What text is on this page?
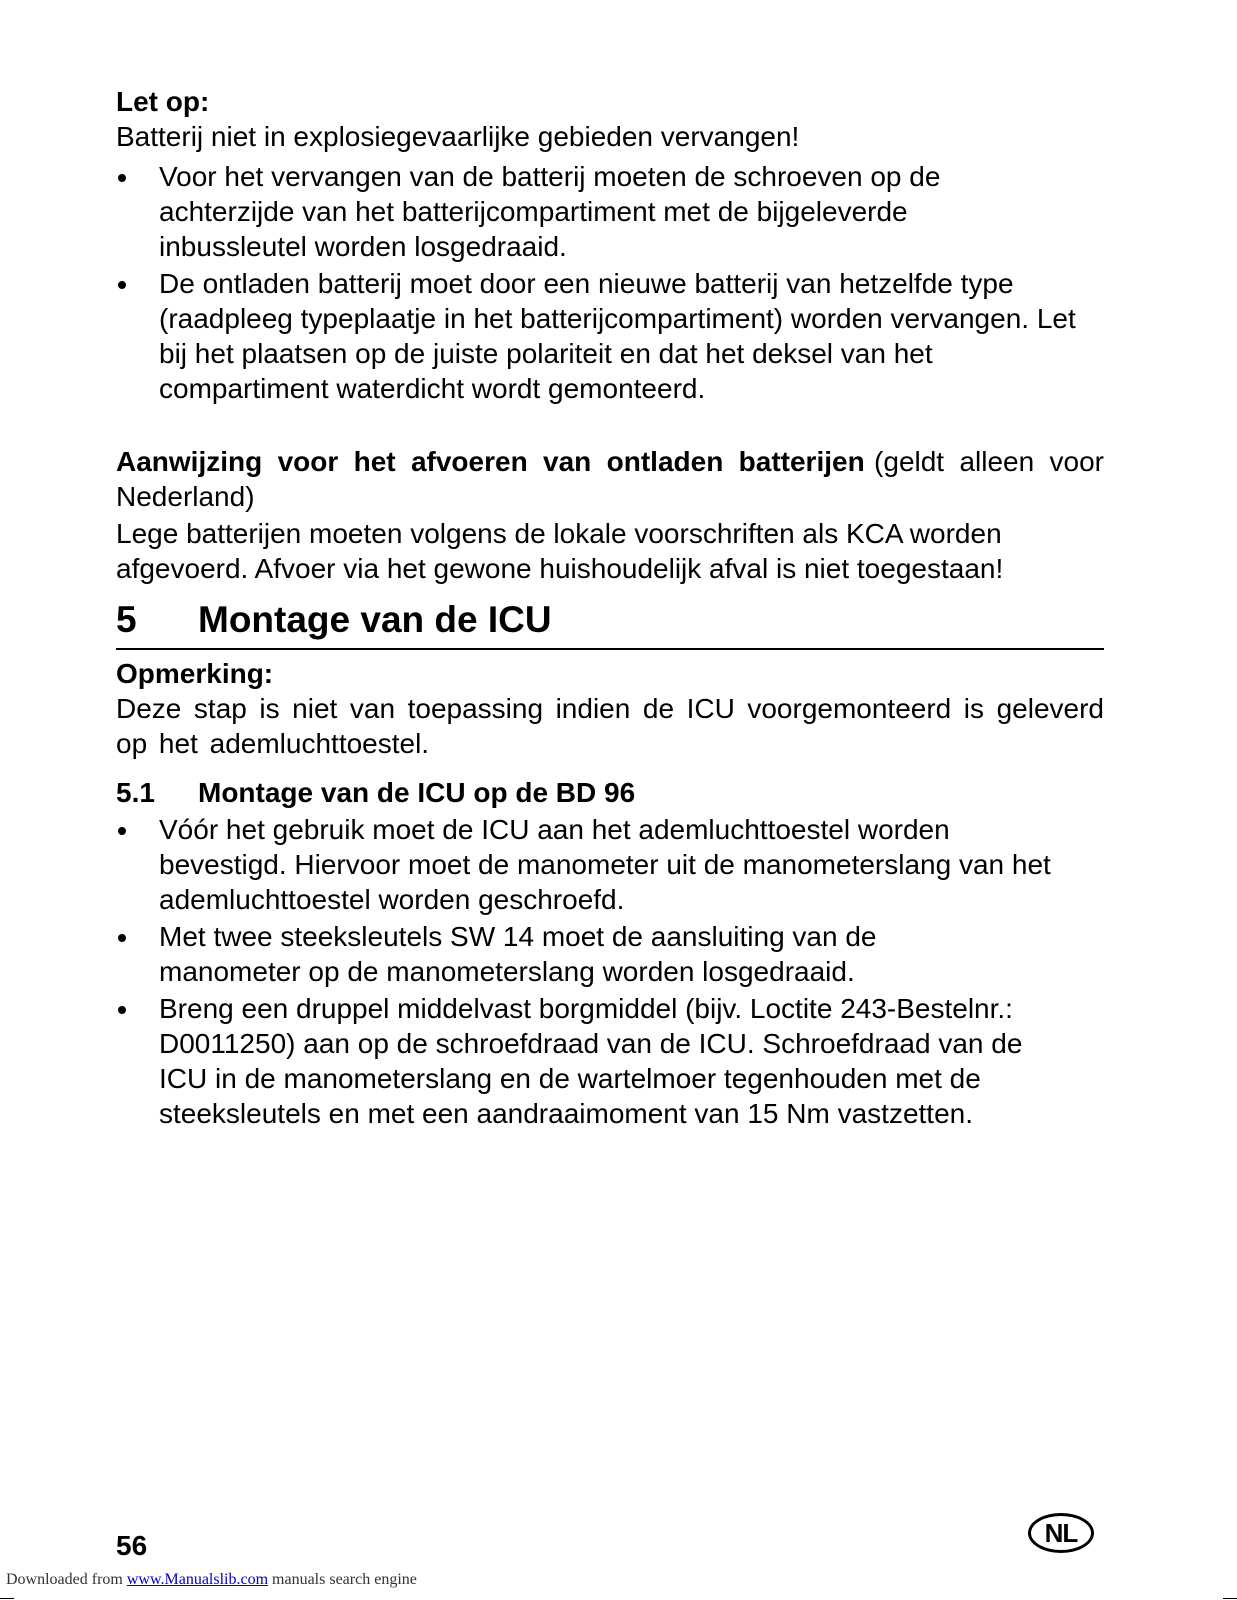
Let op:

Batterij niet in explosiegevaarlijke gebieden vervangen!

Voor het vervangen van de batterij moeten de schroeven op de achterzijde van het batterijcompartiment met de bijgeleverde inbussleutel worden losgedraaid.
De ontladen batterij moet door een nieuwe batterij van hetzelfde type (raadpleeg typeplaatje in het batterijcompartiment) worden vervangen. Let bij het plaatsen op de juiste polariteit en dat het deksel van het compartiment waterdicht wordt gemonteerd.

Aanwijzing voor het afvoeren van ontladen batterijen (geldt alleen voor Nederland)

Lege batterijen moeten volgens de lokale voorschriften als KCA worden afgevoerd. Afvoer via het gewone huishoudelijk afval is niet toegestaan!

5	Montage van de ICU

Opmerking:

Deze stap is niet van toepassing indien de ICU voorgemonteerd is geleverd op het ademluchttoestel.

5.1	Montage van de ICU op de BD 96
Vóór het gebruik moet de ICU aan het ademluchttoestel worden bevestigd. Hiervoor moet de manometer uit de manometerslang van het ademluchttoestel worden geschroefd.
Met twee steeksleutels SW 14 moet de aansluiting van de manometer op de manometerslang worden losgedraaid.
Breng een druppel middelvast borgmiddel (bijv. Loctite 243-Bestelnr.: D0011250) aan op de schroefdraad van de ICU. Schroefdraad van de ICU in de manometerslang en de wartelmoer tegenhouden met de steeksleutels en met een aandraaimoment van 15 Nm vastzetten.
56	NL
Downloaded from www.Manualslib.com manuals search engine
